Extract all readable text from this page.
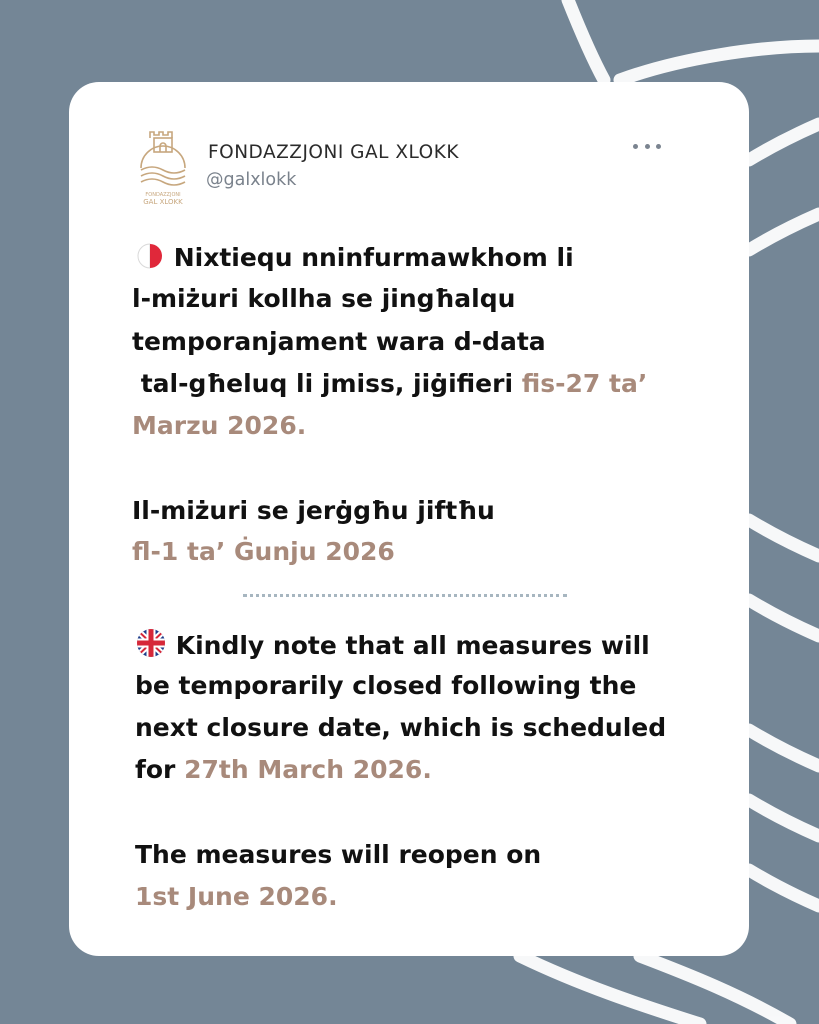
FONDAZZJONI
GAL XLOKK
FONDAZZJONI GAL XLOKK
@galxlokk
Nixtiequ nninfurmawkhom li
l-miżuri kollha se jingħalqu
temporanjament wara d-data
tal-għeluq li jmiss, jiġifieri fis-27 ta’
Marzu 2026.
Il-miżuri se jerġgħu jiftħu
fl-1 ta’ Ġunju 2026
Kindly note that all measures will
be temporarily closed following the
next closure date, which is scheduled
for 27th March 2026.
The measures will reopen on
1st June 2026.
